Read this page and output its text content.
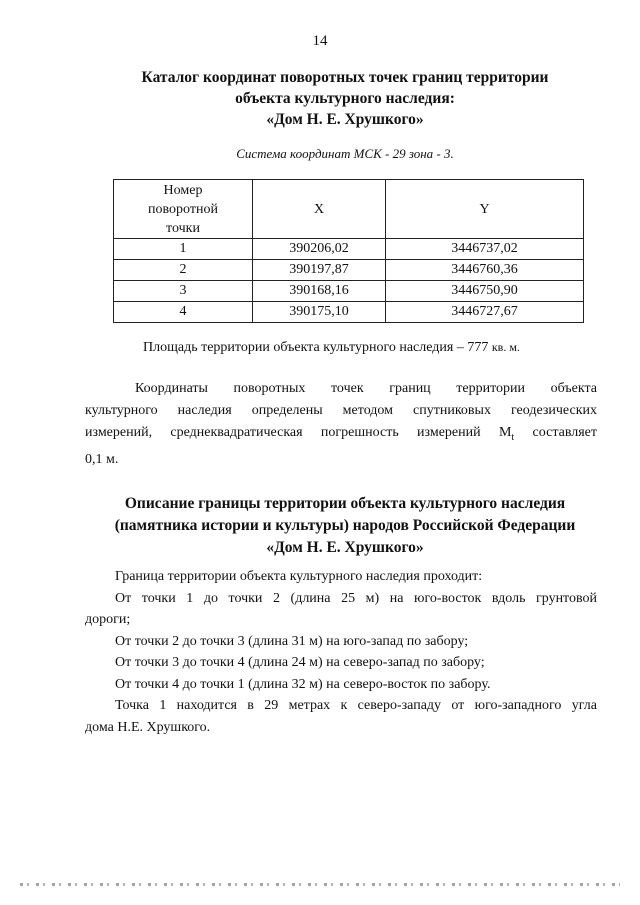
14
Каталог координат поворотных точек границ территории
объекта культурного наследия:
«Дом Н. Е. Хрушкого»
Система координат МСК - 29 зона - 3.
Номер
поворотной
точки	X	Y
1	390206,02	3446737,02
2	390197,87	3446760,36
3	390168,16	3446750,90
4	390175,10	3446727,67
Площадь территории объекта культурного наследия – 777 кв. м.
Координаты поворотных точек границ территории объекта
культурного наследия определены методом спутниковых геодезических
измерений, среднеквадратическая погрешность измерений $M_t$ составляет
0,1 м.
Описание границы территории объекта культурного наследия
(памятника истории и культуры) народов Российской Федерации
«Дом Н. Е. Хрушкого»
Граница территории объекта культурного наследия проходит:
От точки 1 до точки 2 (длина 25 м) на юго-восток вдоль грунтовой
дороги;
От точки 2 до точки 3 (длина 31 м) на юго-запад по забору;
От точки 3 до точки 4 (длина 24 м) на северо-запад по забору;
От точки 4 до точки 1 (длина 32 м) на северо-восток по забору.
Точка 1 находится в 29 метрах к северо-западу от юго-западного угла
дома Н.Е. Хрушкого.
